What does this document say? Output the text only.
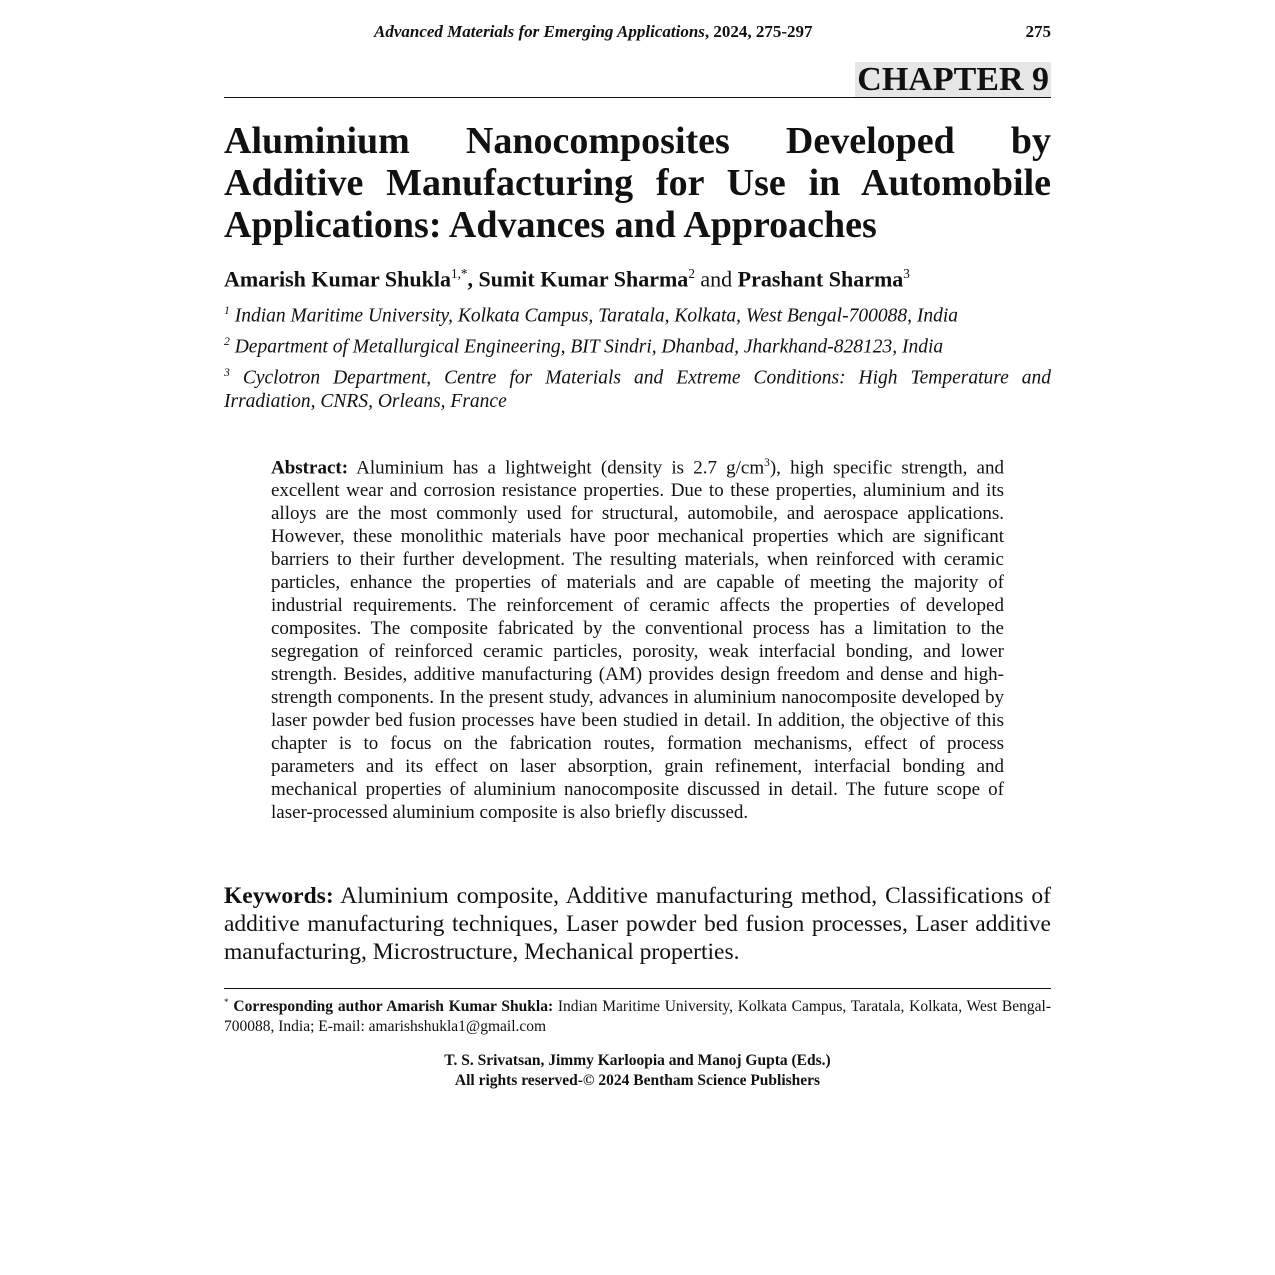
Advanced Materials for Emerging Applications, 2024, 275-297	275
CHAPTER 9
Aluminium Nanocomposites Developed by Additive Manufacturing for Use in Automobile Applications: Advances and Approaches
Amarish Kumar Shukla$^{1,*}$, Sumit Kumar Sharma$^2$ and Prashant Sharma$^3$
$^1$ Indian Maritime University, Kolkata Campus, Taratala, Kolkata, West Bengal-700088, India
$^2$ Department of Metallurgical Engineering, BIT Sindri, Dhanbad, Jharkhand-828123, India
$^3$ Cyclotron Department, Centre for Materials and Extreme Conditions: High Temperature and Irradiation, CNRS, Orleans, France
Abstract: Aluminium has a lightweight (density is 2.7 $g/cm^3$), high specific strength, and excellent wear and corrosion resistance properties. Due to these properties, aluminium and its alloys are the most commonly used for structural, automobile, and aerospace applications. However, these monolithic materials have poor mechanical properties which are significant barriers to their further development. The resulting materials, when reinforced with ceramic particles, enhance the properties of materials and are capable of meeting the majority of industrial requirements. The reinforcement of ceramic affects the properties of developed composites. The composite fabricated by the conventional process has a limitation to the segregation of reinforced ceramic particles, porosity, weak interfacial bonding, and lower strength. Besides, additive manufacturing (AM) provides design freedom and dense and high-strength components. In the present study, advances in aluminium nanocomposite developed by laser powder bed fusion processes have been studied in detail. In addition, the objective of this chapter is to focus on the fabrication routes, formation mechanisms, effect of process parameters and its effect on laser absorption, grain refinement, interfacial bonding and mechanical properties of aluminium nanocomposite discussed in detail. The future scope of laser-processed aluminium composite is also briefly discussed.
Keywords: Aluminium composite, Additive manufacturing method, Classifications of additive manufacturing techniques, Laser powder bed fusion processes, Laser additive manufacturing, Microstructure, Mechanical properties.
* Corresponding author Amarish Kumar Shukla: Indian Maritime University, Kolkata Campus, Taratala, Kolkata, West Bengal-700088, India; E-mail: amarishshukla1@gmail.com
T. S. Srivatsan, Jimmy Karloopia and Manoj Gupta (Eds.)
All rights reserved-© 2024 Bentham Science Publishers
